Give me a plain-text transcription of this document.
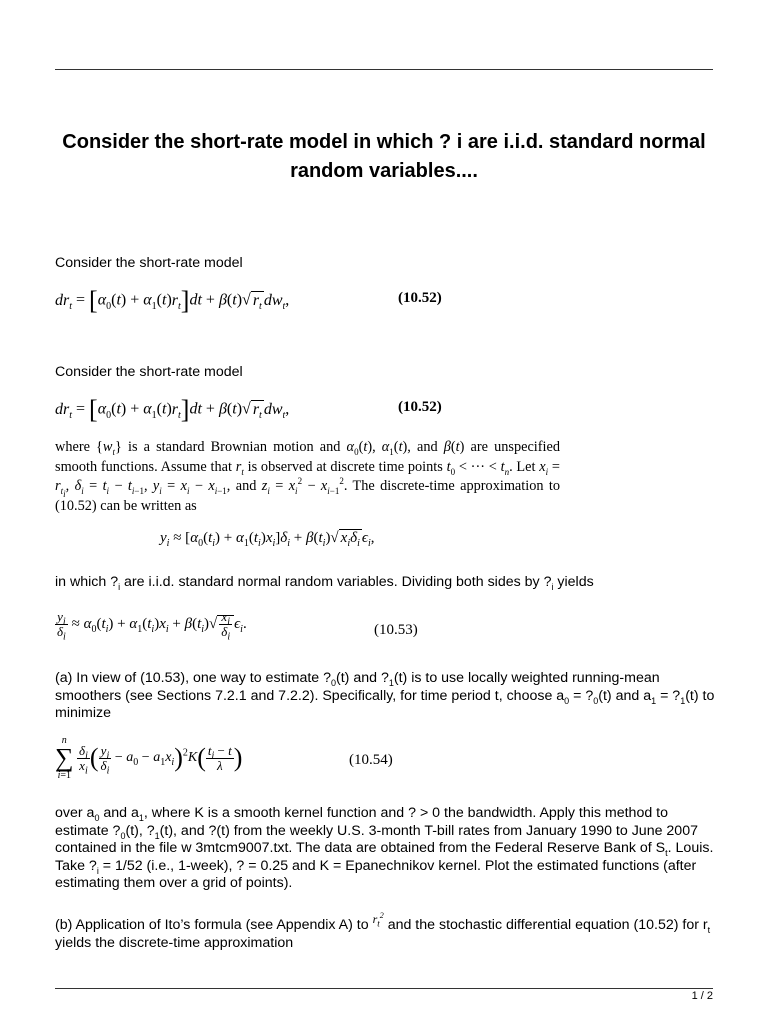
Consider the short-rate model in which ? i are i.i.d. standard normal random variables....
Consider the short-rate model
$dr_t = [\alpha_0(t) + \alpha_1(t)r_t]dt + \beta(t)√$ $r_t$ $dw_t$,	(10.52)
Consider the short-rate model
$dr_t = [\alpha_0(t) + \alpha_1(t)r_t]dt + \beta(t)√$ $r_t$ $dw_t$,	(10.52)
where $\{w_t\}$ is a standard Brownian motion and $\alpha_0(t)$, $\alpha_1(t)$, and β(t) are unspecified smooth functions. Assume that $r_t$ is observed at discrete time points $t_0$ < ··· < $t_n$. Let $x_i = r_{t_i}$, $\delta_i = t_i - t_{i-1}$, $y_i = x_i - x_{i-1}$, and $z_i = x_i^2 - x_{i-1}^2$. The discrete-time approximation to (10.52) can be written as
$y_i \approx [\alpha_0(t_i) + \alpha_1(t_i)x_i]\delta_i + \beta(t_i)√$ $x_i\delta_i$ $\epsilon_i$,
in which $?_i$ are i.i.d. standard normal random variables. Dividing both sides by $?_i$ yields
$\frac{y_i}{\delta_i} \approx \alpha_0(t_i) + \alpha_1(t_i)x_i + \beta(t_i)√ \frac{x_i}{\delta_i} \epsilon_i$.	(10.53)
(a) In view of (10.53), one way to estimate $?_0(t)$ and $?_1(t)$ is to use locally weighted running-mean smoothers (see Sections 7.2.1 and 7.2.2). Specifically, for time period t, choose $a_0$ = $?_0(t)$ and $a_1$ = $?_1(t)$ to minimize
n
∑
i=1
$\frac{\delta_i}{x_i}$ ( $\frac{y_i}{\delta_i} - a_0 - a_1x_i)^2K( \frac{t_i - t}{\lambda}$ )	(10.54)
over $a_0$ and $a_1$, where K is a smooth kernel function and ? > 0 the bandwidth. Apply this method to estimate $?_0(t)$, $?_1(t)$, and ?(t) from the weekly U.S. 3-month T-bill rates from January 1990 to June 2007 contained in the file w 3mtcm9007.txt. The data are obtained from the Federal Reserve Bank of $S_t$. Louis. Take $?_i = 1/52$ (i.e., 1-week), ? = 0.25 and K = Epanechnikov kernel. Plot the estimated functions (after estimating them over a grid of points).
(b) Application of Ito’s formula (see Appendix A) to $^{r_t^2}$ and the stochastic differential equation (10.52) for $r_t$ yields the discrete-time approximation
1 / 2
